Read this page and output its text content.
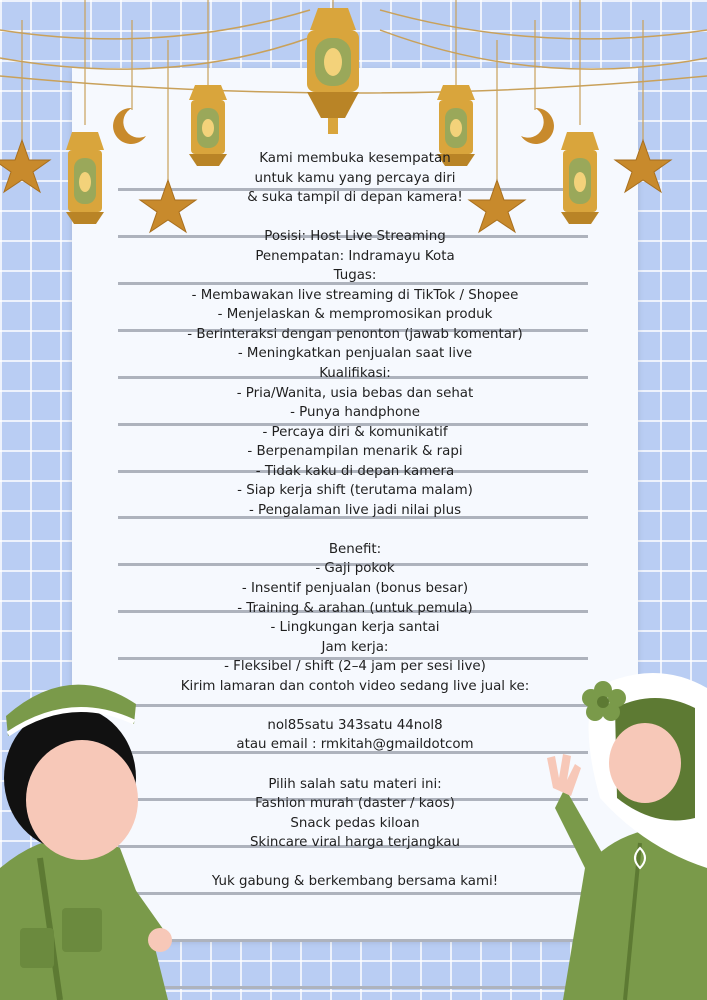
Kami membuka kesempatan
untuk kamu yang percaya diri
& suka tampil di depan kamera!
Posisi: Host Live Streaming
Penempatan: Indramayu Kota
Tugas:
- Membawakan live streaming di TikTok / Shopee
- Menjelaskan & mempromosikan produk
- Berinteraksi dengan penonton (jawab komentar)
- Meningkatkan penjualan saat live
Kualifikasi:
- Pria/Wanita, usia bebas dan sehat
- Punya handphone
- Percaya diri & komunikatif
- Berpenampilan menarik & rapi
- Tidak kaku di depan kamera
- Siap kerja shift (terutama malam)
- Pengalaman live jadi nilai plus
Benefit:
- Gaji pokok
- Insentif penjualan (bonus besar)
- Training & arahan (untuk pemula)
- Lingkungan kerja santai
Jam kerja:
- Fleksibel / shift (2–4 jam per sesi live)
Kirim lamaran dan contoh video sedang live jual ke:
nol85satu 343satu 44nol8
atau email : rmkitah@gmaildotcom
Pilih salah satu materi ini:
Fashion murah (daster / kaos)
Snack pedas kiloan
Skincare viral harga terjangkau
Yuk gabung & berkembang bersama kami!
